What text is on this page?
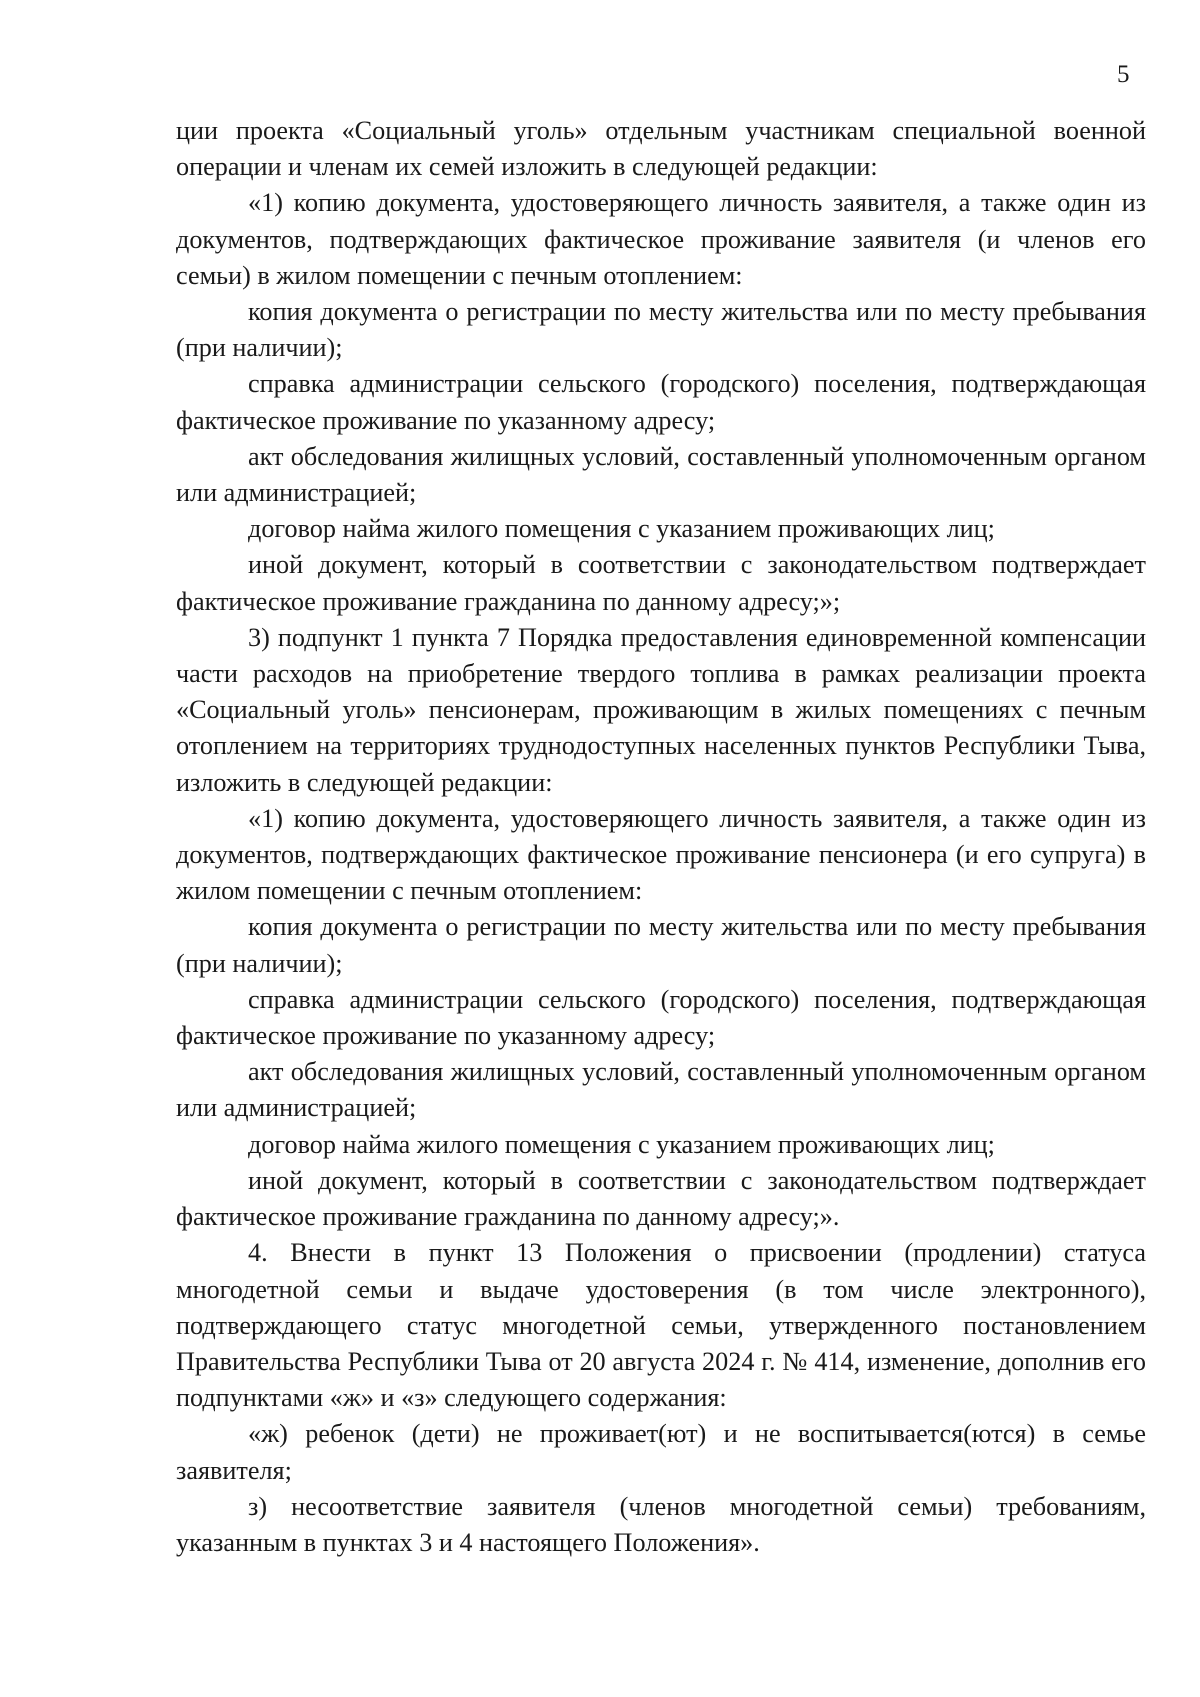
5

ции проекта «Социальный уголь» отдельным участникам специальной военной операции и членам их семей изложить в следующей редакции:

«1) копию документа, удостоверяющего личность заявителя, а также один из документов, подтверждающих фактическое проживание заявителя (и членов его семьи) в жилом помещении с печным отоплением:

копия документа о регистрации по месту жительства или по месту пребывания (при наличии);

справка администрации сельского (городского) поселения, подтверждающая фактическое проживание по указанному адресу;

акт обследования жилищных условий, составленный уполномоченным органом или администрацией;

договор найма жилого помещения с указанием проживающих лиц;

иной документ, который в соответствии с законодательством подтверждает фактическое проживание гражданина по данному адресу;»;

3) подпункт 1 пункта 7 Порядка предоставления единовременной компенсации части расходов на приобретение твердого топлива в рамках реализации проекта «Социальный уголь» пенсионерам, проживающим в жилых помещениях с печным отоплением на территориях труднодоступных населенных пунктов Республики Тыва, изложить в следующей редакции:

«1) копию документа, удостоверяющего личность заявителя, а также один из документов, подтверждающих фактическое проживание пенсионера (и его супруга) в жилом помещении с печным отоплением:

копия документа о регистрации по месту жительства или по месту пребывания (при наличии);

справка администрации сельского (городского) поселения, подтверждающая фактическое проживание по указанному адресу;

акт обследования жилищных условий, составленный уполномоченным органом или администрацией;

договор найма жилого помещения с указанием проживающих лиц;

иной документ, который в соответствии с законодательством подтверждает фактическое проживание гражданина по данному адресу;».

4. Внести в пункт 13 Положения о присвоении (продлении) статуса многодетной семьи и выдаче удостоверения (в том числе электронного), подтверждающего статус многодетной семьи, утвержденного постановлением Правительства Республики Тыва от 20 августа 2024 г. № 414, изменение, дополнив его подпунктами «ж» и «з» следующего содержания:

«ж) ребенок (дети) не проживает(ют) и не воспитывается(ются) в семье заявителя;

з) несоответствие заявителя (членов многодетной семьи) требованиям, указанным в пунктах 3 и 4 настоящего Положения».
